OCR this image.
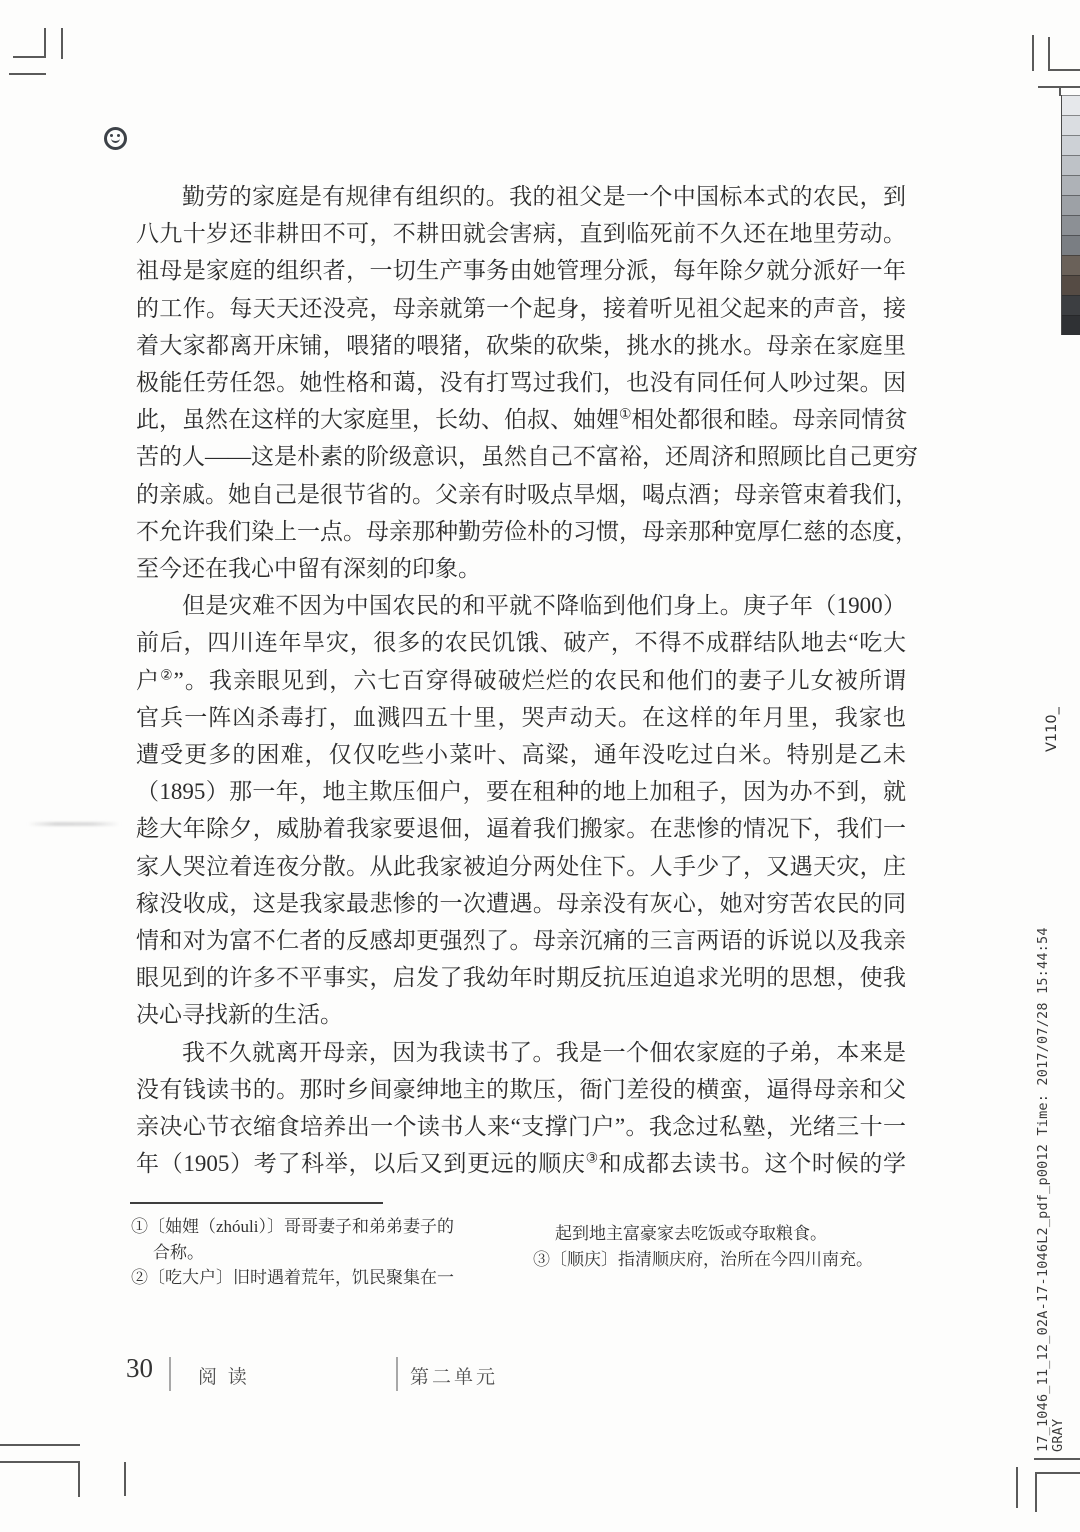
勤劳的家庭是有规律有组织的。我的祖父是一个中国标本式的农民，到
八九十岁还非耕田不可，不耕田就会害病，直到临死前不久还在地里劳动。
祖母是家庭的组织者，一切生产事务由她管理分派，每年除夕就分派好一年
的工作。每天天还没亮，母亲就第一个起身，接着听见祖父起来的声音，接
着大家都离开床铺，喂猪的喂猪，砍柴的砍柴，挑水的挑水。母亲在家庭里
极能任劳任怨。她性格和蔼，没有打骂过我们，也没有同任何人吵过架。因
此，虽然在这样的大家庭里，长幼、伯叔、妯娌①相处都很和睦。母亲同情贫
苦的人——这是朴素的阶级意识，虽然自己不富裕，还周济和照顾比自己更穷
的亲戚。她自己是很节省的。父亲有时吸点旱烟，喝点酒；母亲管束着我们，
不允许我们染上一点。母亲那种勤劳俭朴的习惯，母亲那种宽厚仁慈的态度，
至今还在我心中留有深刻的印象。
但是灾难不因为中国农民的和平就不降临到他们身上。庚子年（1900）
前后，四川连年旱灾，很多的农民饥饿、破产，不得不成群结队地去“吃大
户②”。我亲眼见到，六七百穿得破破烂烂的农民和他们的妻子儿女被所谓
官兵一阵凶杀毒打，血溅四五十里，哭声动天。在这样的年月里，我家也
遭受更多的困难，仅仅吃些小菜叶、高粱，通年没吃过白米。特别是乙未
（1895）那一年，地主欺压佃户，要在租种的地上加租子，因为办不到，就
趁大年除夕，威胁着我家要退佃，逼着我们搬家。在悲惨的情况下，我们一
家人哭泣着连夜分散。从此我家被迫分两处住下。人手少了，又遇天灾，庄
稼没收成，这是我家最悲惨的一次遭遇。母亲没有灰心，她对穷苦农民的同
情和对为富不仁者的反感却更强烈了。母亲沉痛的三言两语的诉说以及我亲
眼见到的许多不平事实，启发了我幼年时期反抗压迫追求光明的思想，使我
决心寻找新的生活。
我不久就离开母亲，因为我读书了。我是一个佃农家庭的子弟，本来是
没有钱读书的。那时乡间豪绅地主的欺压，衙门差役的横蛮，逼得母亲和父
亲决心节衣缩食培养出一个读书人来“支撑门户”。我念过私塾，光绪三十一
年（1905）考了科举，以后又到更远的顺庆③和成都去读书。这个时候的学
①〔妯娌（zhóuli）〕哥哥妻子和弟弟妻子的
合称。
②〔吃大户〕旧时遇着荒年，饥民聚集在一
起到地主富豪家去吃饭或夺取粮食。
③〔顺庆〕指清顺庆府，治所在今四川南充。
30 阅 读	第二单元	17_1046_11_12_02A-17-1046L2_pdf_p0012 Time: 2017/07/28 15:44:54 GRAY
V110_
